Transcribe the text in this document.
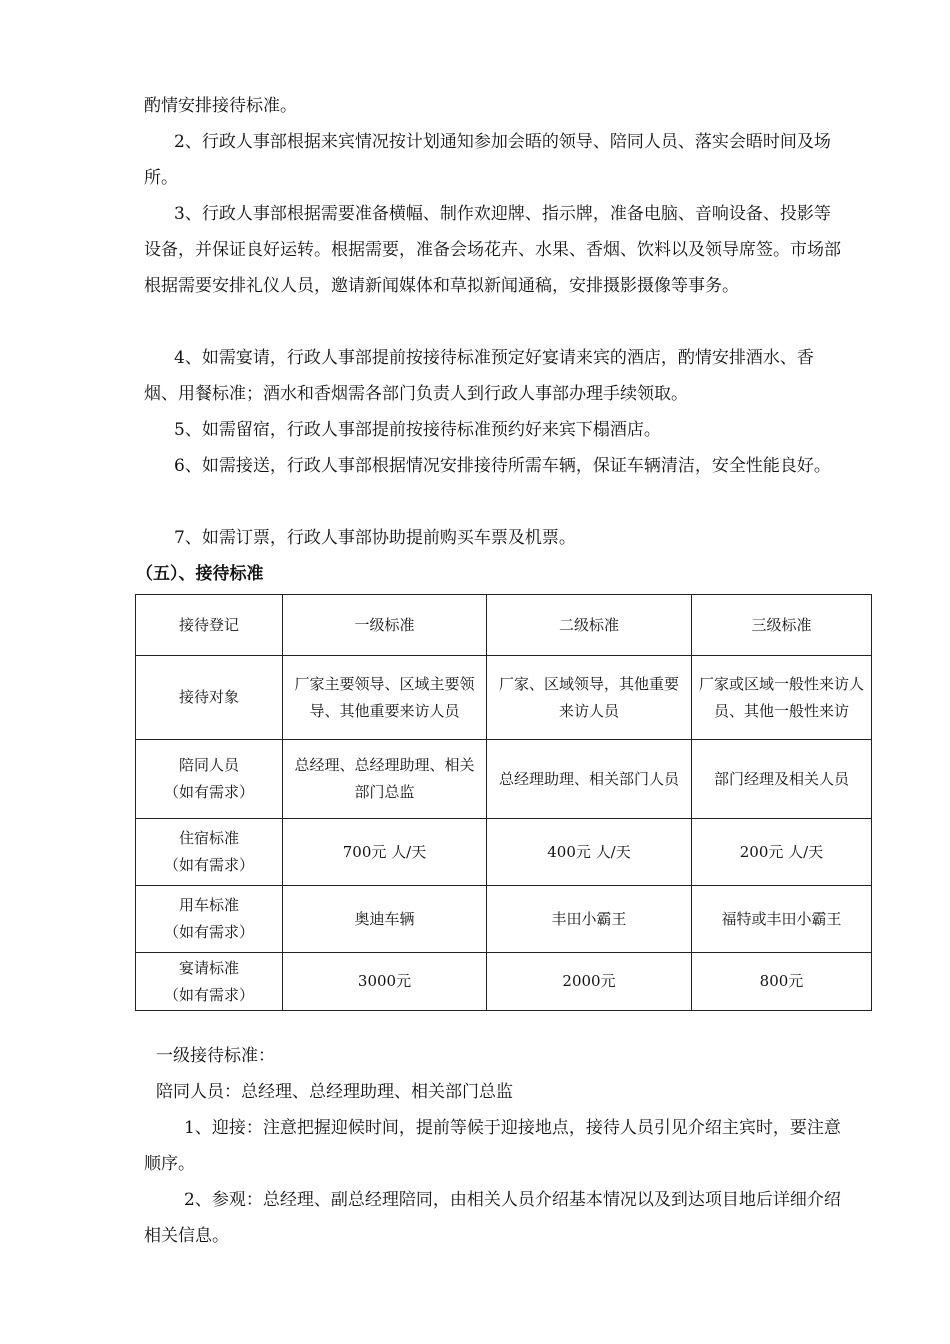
酌情安排接待标准。

2、行政人事部根据来宾情况按计划通知参加会晤的领导、陪同人员、落实会晤时间及场所。

3、行政人事部根据需要准备横幅、制作欢迎牌、指示牌，准备电脑、音响设备、投影等设备，并保证良好运转。根据需要，准备会场花卉、水果、香烟、饮料以及领导席签。市场部根据需要安排礼仪人员，邀请新闻媒体和草拟新闻通稿，安排摄影摄像等事务。

4、如需宴请，行政人事部提前按接待标准预定好宴请来宾的酒店，酌情安排酒水、香烟、用餐标准；酒水和香烟需各部门负责人到行政人事部办理手续领取。

5、如需留宿，行政人事部提前按接待标准预约好来宾下榻酒店。

6、如需接送，行政人事部根据情况安排接待所需车辆，保证车辆清洁，安全性能良好。

7、如需订票，行政人事部协助提前购买车票及机票。

（五）、接待标准

接待登记	一级标准	二级标准	三级标准
接待对象	厂家主要领导、区域主要领导、其他重要来访人员	厂家、区域领导，其他重要来访人员	厂家或区域一般性来访人员、其他一般性来访
陪同人员
（如有需求）	总经理、总经理助理、相关部门总监	总经理助理、相关部门人员	部门经理及相关人员
住宿标准
（如有需求）	700元 人/天	400元 人/天	200元 人/天
用车标准
（如有需求）	奥迪车辆	丰田小霸王	福特或丰田小霸王
宴请标准
（如有需求）	3000元	2000元	800元

一级接待标准：

陪同人员：总经理、总经理助理、相关部门总监

1、迎接：注意把握迎候时间，提前等候于迎接地点，接待人员引见介绍主宾时，要注意顺序。

2、参观：总经理、副总经理陪同，由相关人员介绍基本情况以及到达项目地后详细介绍相关信息。
